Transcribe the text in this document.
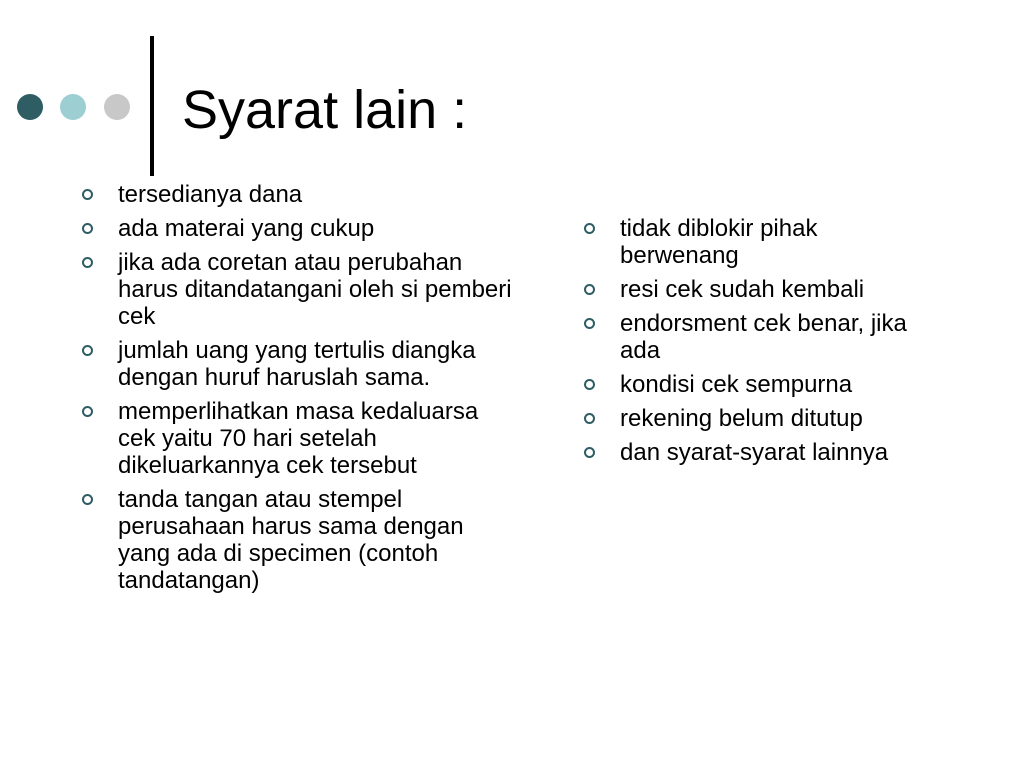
Syarat lain :
tersedianya dana
ada materai yang cukup
jika ada coretan atau perubahan harus ditandatangani oleh si pemberi cek
jumlah uang yang tertulis diangka dengan huruf haruslah sama.
memperlihatkan masa kedaluarsa cek yaitu 70 hari setelah dikeluarkannya cek tersebut
tanda tangan atau stempel perusahaan harus sama dengan yang ada di specimen (contoh tandatangan)
tidak diblokir pihak berwenang
resi cek sudah kembali
endorsment cek benar, jika ada
kondisi cek sempurna
rekening belum ditutup
dan syarat-syarat lainnya
